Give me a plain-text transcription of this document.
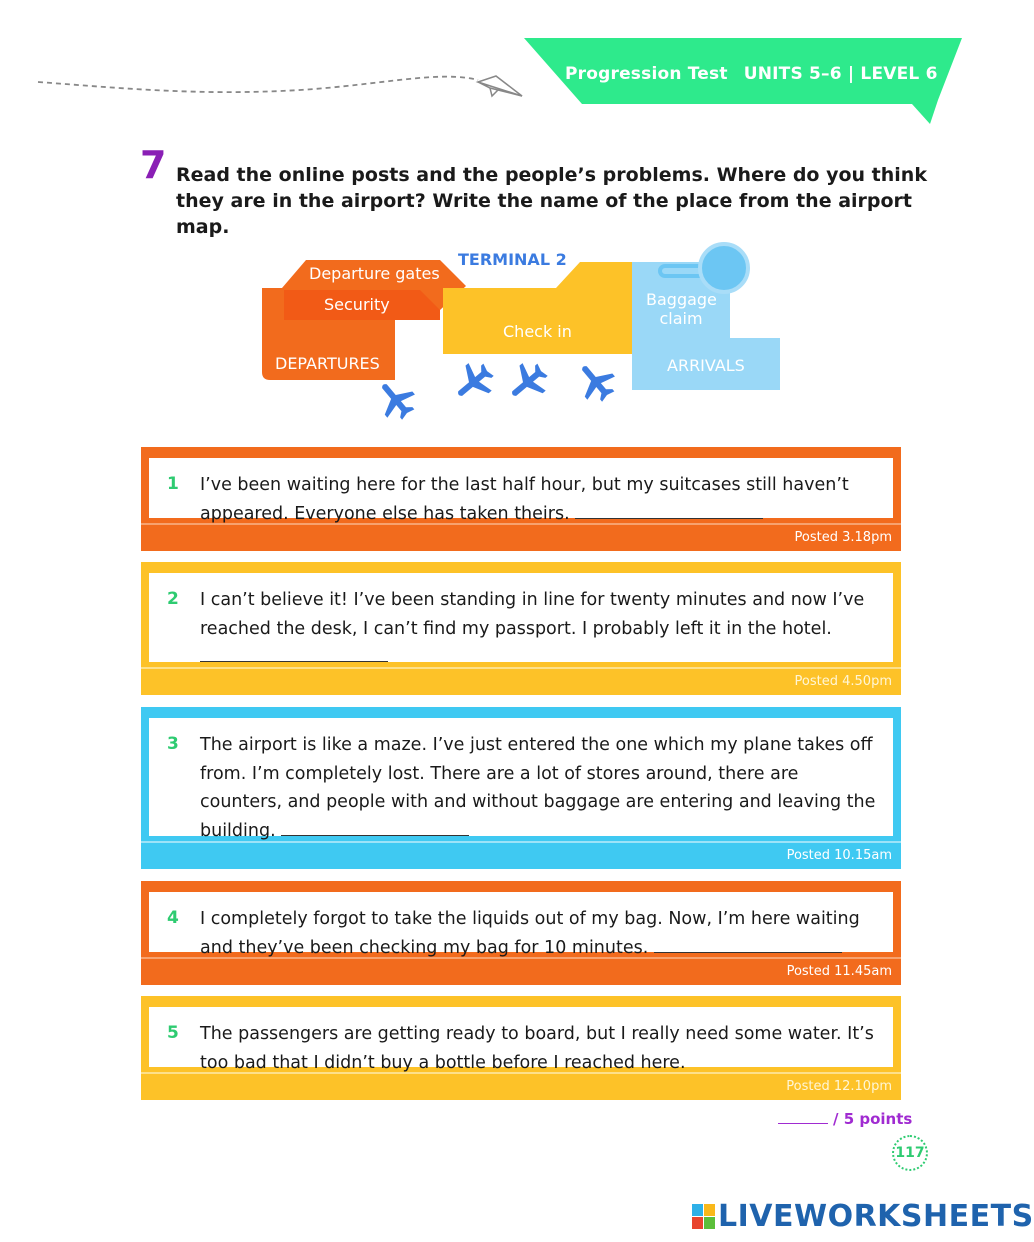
Progression Test UNITS 5–6 | LEVEL 6
7 Read the online posts and the people’s problems. Where do you think they are in the airport? Write the name of the place from the airport map.
TERMINAL 2
Departure gates
Security
DEPARTURES
Check in
Baggage
claim
ARRIVALS
1 I’ve been waiting here for the last half hour, but my suitcases still haven’t appeared. Everyone else has taken theirs.
Posted 3.18pm
2 I can’t believe it! I’ve been standing in line for twenty minutes and now I’ve reached the desk, I can’t find my passport. I probably left it in the hotel.
Posted 4.50pm
3 The airport is like a maze. I’ve just entered the one which my plane takes off from. I’m completely lost. There are a lot of stores around, there are counters, and people with and without baggage are entering and leaving the building.
Posted 10.15am
4 I completely forgot to take the liquids out of my bag. Now, I’m here waiting and they’ve been checking my bag for 10 minutes.
Posted 11.45am
5 The passengers are getting ready to board, but I really need some water. It’s too bad that I didn’t buy a bottle before I reached here.
Posted 12.10pm
/ 5 points
117
LIVEWORKSHEETS
